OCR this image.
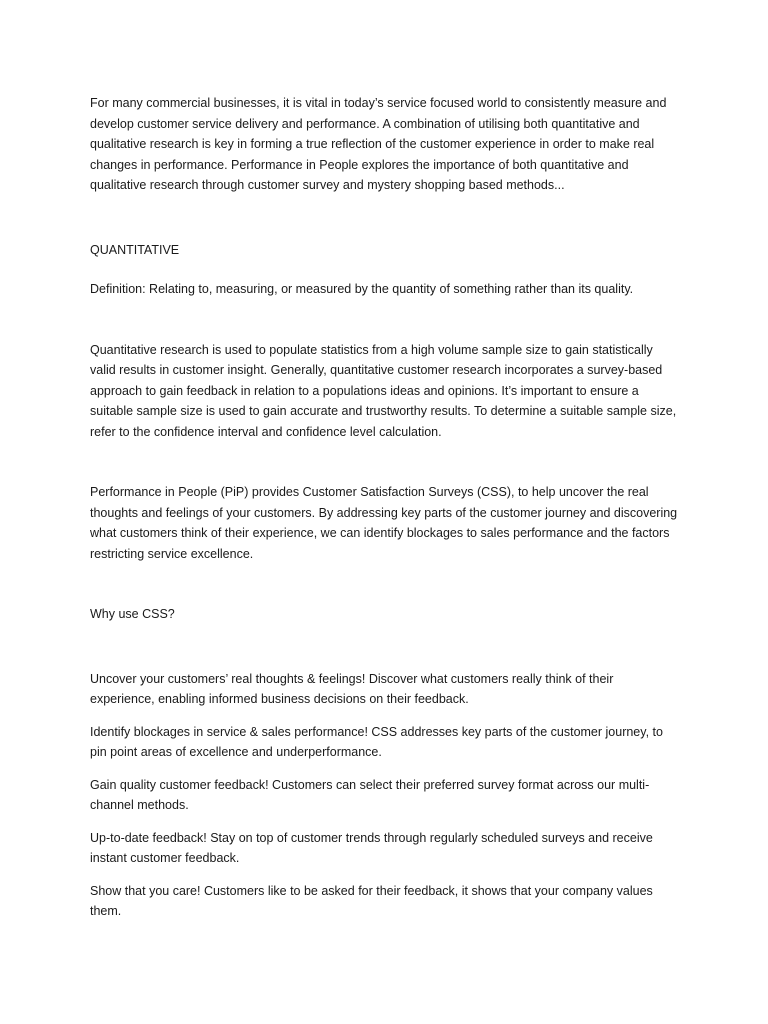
For many commercial businesses, it is vital in today’s service focused world to consistently measure and develop customer service delivery and performance. A combination of utilising both quantitative and qualitative research is key in forming a true reflection of the customer experience in order to make real changes in performance. Performance in People explores the importance of both quantitative and qualitative research through customer survey and mystery shopping based methods...

QUANTITATIVE

Definition: Relating to, measuring, or measured by the quantity of something rather than its quality.

Quantitative research is used to populate statistics from a high volume sample size to gain statistically valid results in customer insight. Generally, quantitative customer research incorporates a survey-based approach to gain feedback in relation to a populations ideas and opinions. It’s important to ensure a suitable sample size is used to gain accurate and trustworthy results. To determine a suitable sample size, refer to the confidence interval and confidence level calculation.

Performance in People (PiP) provides Customer Satisfaction Surveys (CSS), to help uncover the real thoughts and feelings of your customers. By addressing key parts of the customer journey and discovering what customers think of their experience, we can identify blockages to sales performance and the factors restricting service excellence.

Why use CSS?

Uncover your customers’ real thoughts & feelings! Discover what customers really think of their experience, enabling informed business decisions on their feedback.

Identify blockages in service & sales performance! CSS addresses key parts of the customer journey, to pin point areas of excellence and underperformance.

Gain quality customer feedback! Customers can select their preferred survey format across our multi-channel methods.

Up-to-date feedback! Stay on top of customer trends through regularly scheduled surveys and receive instant customer feedback.

Show that you care! Customers like to be asked for their feedback, it shows that your company values them.
